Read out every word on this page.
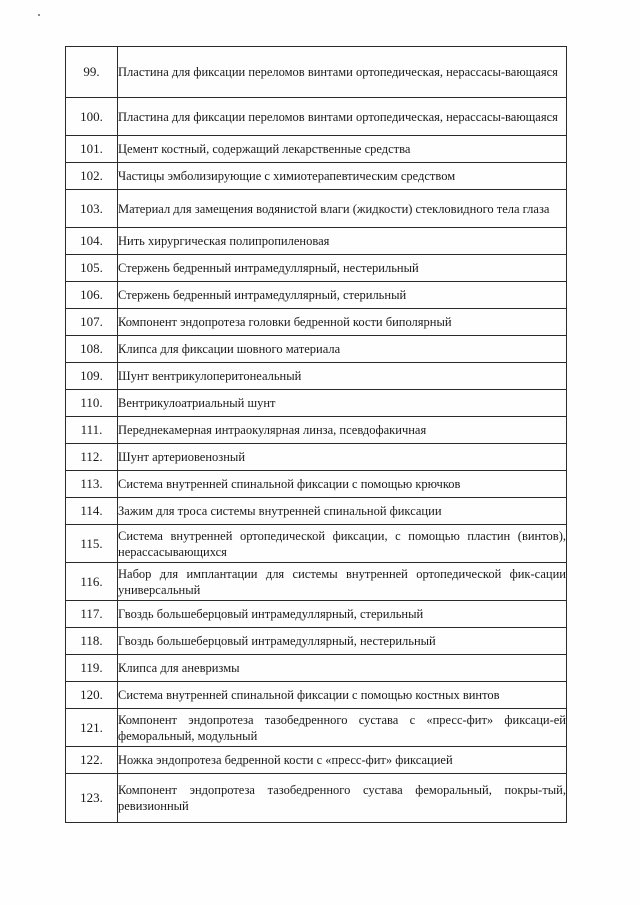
99.	Пластина для фиксации переломов винтами ортопедическая, нерассасы-вающаяся
100.	Пластина для фиксации переломов винтами ортопедическая, нерассасы-вающаяся
101.	Цемент костный, содержащий лекарственные средства
102.	Частицы эмболизирующие с химиотерапевтическим средством
103.	Материал для замещения водянистой влаги (жидкости) стекловидного тела глаза
104.	Нить хирургическая полипропиленовая
105.	Стержень бедренный интрамедуллярный, нестерильный
106.	Стержень бедренный интрамедуллярный, стерильный
107.	Компонент эндопротеза головки бедренной кости биполярный
108.	Клипса для фиксации шовного материала
109.	Шунт вентрикулоперитонеальный
110.	Вентрикулоатриальный шунт
111.	Переднекамерная интраокулярная линза, псевдофакичная
112.	Шунт артериовенозный
113.	Система внутренней спинальной фиксации с помощью крючков
114.	Зажим для троса системы внутренней спинальной фиксации
115.	Система внутренней ортопедической фиксации, с помощью пластин (винтов), нерассасывающихся
116.	Набор для имплантации для системы внутренней ортопедической фик-сации универсальный
117.	Гвоздь большеберцовый интрамедуллярный, стерильный
118.	Гвоздь большеберцовый интрамедуллярный, нестерильный
119.	Клипса для аневризмы
120.	Система внутренней спинальной фиксации с помощью костных винтов
121.	Компонент эндопротеза тазобедренного сустава с «пресс-фит» фиксаци-ей феморальный, модульный
122.	Ножка эндопротеза бедренной кости с «пресс-фит» фиксацией
123.	Компонент эндопротеза тазобедренного сустава феморальный, покры-тый, ревизионный
